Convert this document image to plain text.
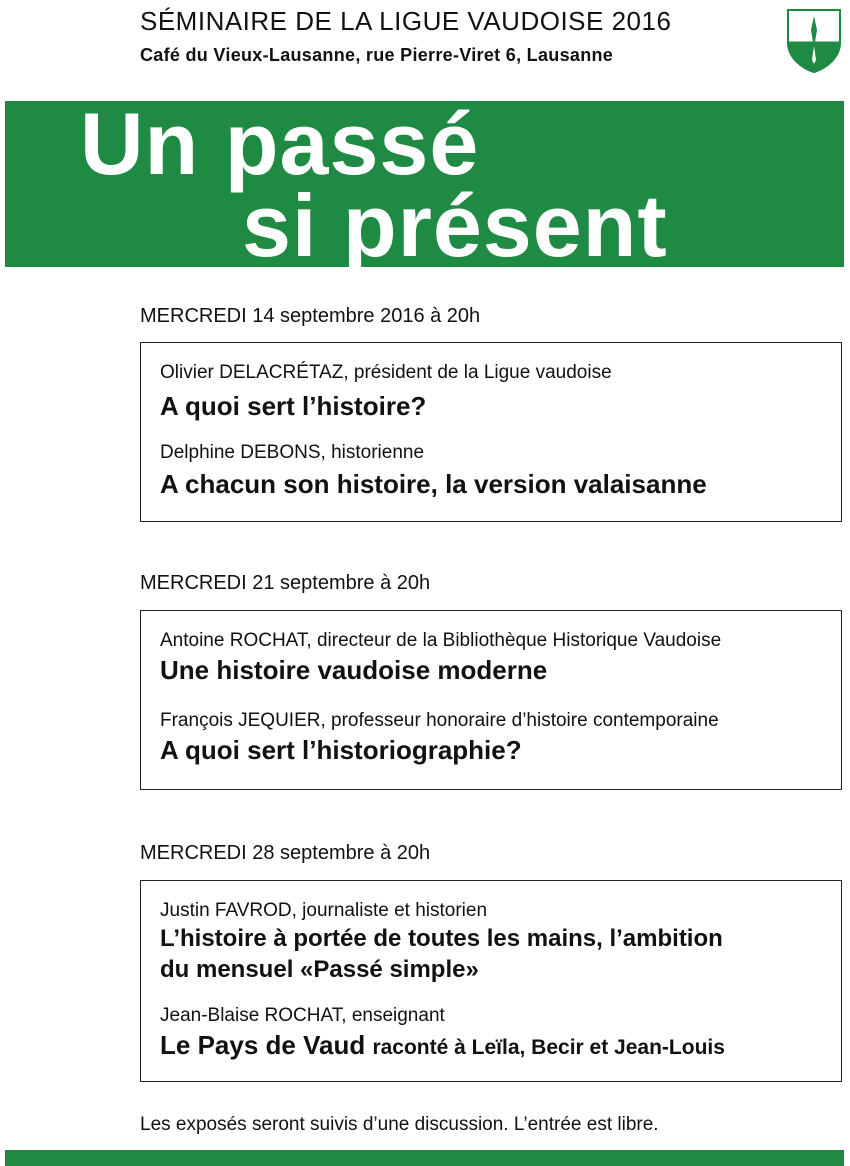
SÉMINAIRE DE LA LIGUE VAUDOISE 2016
Café du Vieux-Lausanne, rue Pierre-Viret 6, Lausanne
Un passé
si présent
MERCREDI 14 septembre 2016 à 20h
Olivier DELACRÉTAZ, président de la Ligue vaudoise
A quoi sert l’histoire?
Delphine DEBONS, historienne
A chacun son histoire, la version valaisanne
MERCREDI 21 septembre à 20h
Antoine ROCHAT, directeur de la Bibliothèque Historique Vaudoise
Une histoire vaudoise moderne
François JEQUIER, professeur honoraire d’histoire contemporaine
A quoi sert l’historiographie?
MERCREDI 28 septembre à 20h
Justin FAVROD, journaliste et historien
L’histoire à portée de toutes les mains, l’ambition
du mensuel «Passé simple»
Jean-Blaise ROCHAT, enseignant
Le Pays de Vaud raconté à Leïla, Becir et Jean-Louis
Les exposés seront suivis d’une discussion. L’entrée est libre.
